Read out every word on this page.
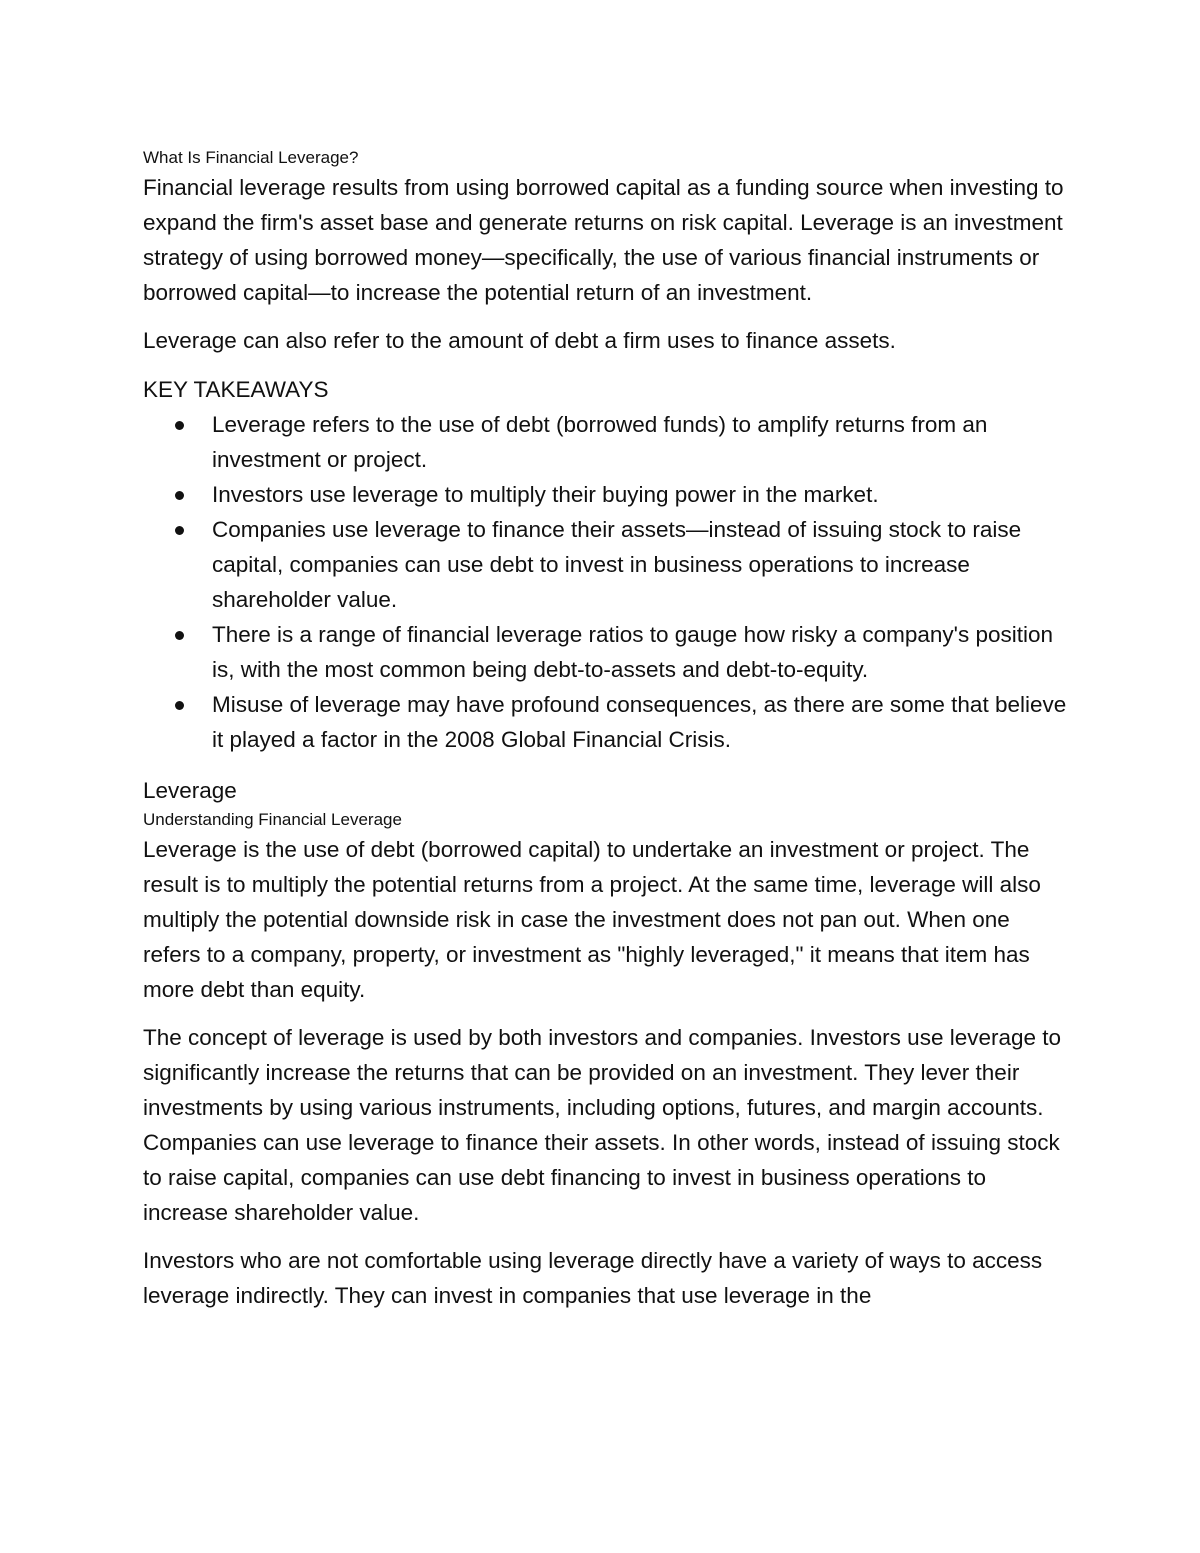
What Is Financial Leverage?

Financial leverage results from using borrowed capital as a funding source when investing to expand the firm's asset base and generate returns on risk capital. Leverage is an investment strategy of using borrowed money—specifically, the use of various financial instruments or borrowed capital—to increase the potential return of an investment.

Leverage can also refer to the amount of debt a firm uses to finance assets.

KEY TAKEAWAYS

Leverage refers to the use of debt (borrowed funds) to amplify returns from an investment or project.
Investors use leverage to multiply their buying power in the market.
Companies use leverage to finance their assets—instead of issuing stock to raise capital, companies can use debt to invest in business operations to increase shareholder value.
There is a range of financial leverage ratios to gauge how risky a company's position is, with the most common being debt-to-assets and debt-to-equity.
Misuse of leverage may have profound consequences, as there are some that believe it played a factor in the 2008 Global Financial Crisis.

Leverage

Understanding Financial Leverage

Leverage is the use of debt (borrowed capital) to undertake an investment or project. The result is to multiply the potential returns from a project. At the same time, leverage will also multiply the potential downside risk in case the investment does not pan out. When one refers to a company, property, or investment as "highly leveraged," it means that item has more debt than equity.

The concept of leverage is used by both investors and companies. Investors use leverage to significantly increase the returns that can be provided on an investment. They lever their investments by using various instruments, including options, futures, and margin accounts. Companies can use leverage to finance their assets. In other words, instead of issuing stock to raise capital, companies can use debt financing to invest in business operations to increase shareholder value.

Investors who are not comfortable using leverage directly have a variety of ways to access leverage indirectly. They can invest in companies that use leverage in the
